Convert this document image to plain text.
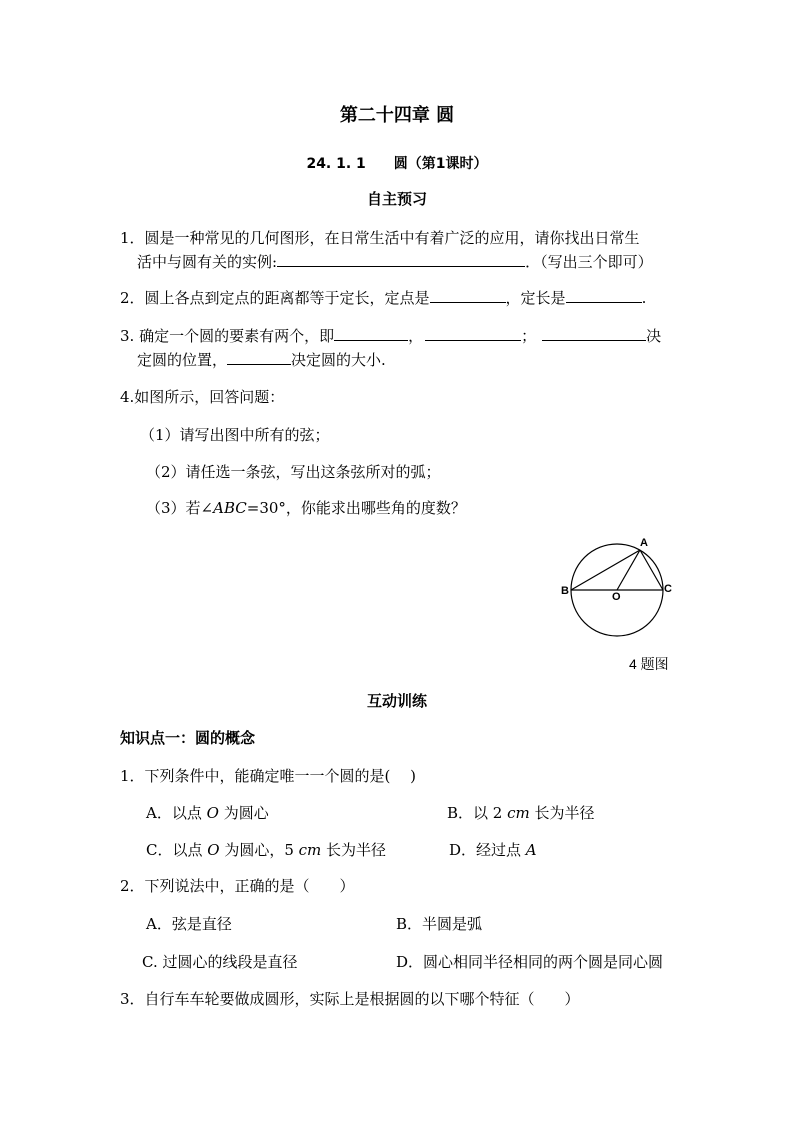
第二十四章 圆
24. 1. 1　　圆（第1课时）
自主预习
1．圆是一种常见的几何图形，在日常生活中有着广泛的应用，请你找出日常生
活中与圆有关的实例:	．（写出三个即可）
2．圆上各点到定点的距离都等于定长，定点是	，定长是	.
3. 确定一个圆的要素有两个，即	，	；	决
定圆的位置，	决定圆的大小.
4.如图所示，回答问题：
（1）请写出图中所有的弦；
（2）请任选一条弦，写出这条弦所对的弧；
（3）若∠ABC=30°，你能求出哪些角的度数？
A
B	C
O
4 题图
互动训练
知识点一：圆的概念
1．下列条件中，能确定唯一一个圆的是(　 )
A．以点 O 为圆心	B．以 2 cm 长为半径
C．以点 O 为圆心，5 cm 长为半径	D．经过点 A
2．下列说法中，正确的是（　　）
A．弦是直径	B．半圆是弧
C. 过圆心的线段是直径	D．圆心相同半径相同的两个圆是同心圆
3．自行车车轮要做成圆形，实际上是根据圆的以下哪个特征（　　）
